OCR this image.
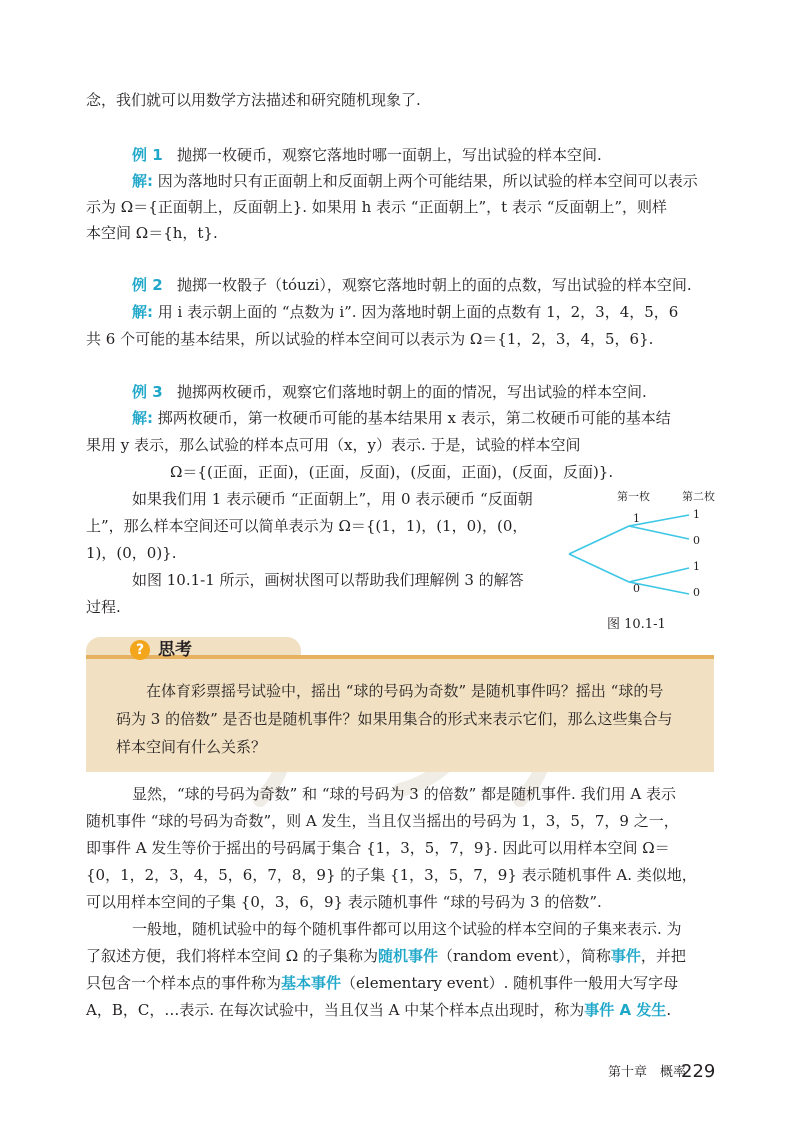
念，我们就可以用数学方法描述和研究随机现象了.
例 1 抛掷一枚硬币，观察它落地时哪一面朝上，写出试验的样本空间.
解: 因为落地时只有正面朝上和反面朝上两个可能结果，所以试验的样本空间可以表示
示为 Ω＝{正面朝上，反面朝上}. 如果用 h 表示 “正面朝上”，t 表示 “反面朝上”，则样
本空间 Ω＝{h，t}.
例 2 抛掷一枚骰子（tóuzi），观察它落地时朝上的面的点数，写出试验的样本空间.
解: 用 i 表示朝上面的 “点数为 i”. 因为落地时朝上面的点数有 1，2，3，4，5，6
共 6 个可能的基本结果，所以试验的样本空间可以表示为 Ω＝{1，2，3，4，5，6}.
例 3 抛掷两枚硬币，观察它们落地时朝上的面的情况，写出试验的样本空间.
解: 掷两枚硬币，第一枚硬币可能的基本结果用 x 表示，第二枚硬币可能的基本结
果用 y 表示，那么试验的样本点可用（x，y）表示. 于是，试验的样本空间
Ω＝{(正面，正面)，(正面，反面)，(反面，正面)，(反面，反面)}.
如果我们用 1 表示硬币 “正面朝上”，用 0 表示硬币 “反面朝
上”，那么样本空间还可以简单表示为 Ω＝{(1，1)，(1，0)，(0，
1)，(0，0)}.
如图 10.1-1 所示，画树状图可以帮助我们理解例 3 的解答
过程.
第一枚	第二枚
1
0
1
0
1
0
图 10.1-1
? 思考
在体育彩票摇号试验中，摇出 “球的号码为奇数” 是随机事件吗？摇出 “球的号
码为 3 的倍数” 是否也是随机事件？如果用集合的形式来表示它们，那么这些集合与
样本空间有什么关系？
显然，“球的号码为奇数” 和 “球的号码为 3 的倍数” 都是随机事件. 我们用 A 表示
随机事件 “球的号码为奇数”，则 A 发生，当且仅当摇出的号码为 1，3，5，7，9 之一，
即事件 A 发生等价于摇出的号码属于集合 {1，3，5，7，9}. 因此可以用样本空间 Ω＝
{0，1，2，3，4，5，6，7，8，9} 的子集 {1，3，5，7，9} 表示随机事件 A. 类似地，
可以用样本空间的子集 {0，3，6，9} 表示随机事件 “球的号码为 3 的倍数”.
一般地，随机试验中的每个随机事件都可以用这个试验的样本空间的子集来表示. 为
了叙述方便，我们将样本空间 Ω 的子集称为随机事件（random event），简称事件，并把
只包含一个样本点的事件称为基本事件（elementary event）. 随机事件一般用大写字母
A，B，C，…表示. 在每次试验中，当且仅当 A 中某个样本点出现时，称为事件 A 发生.
第十章　概率
229
